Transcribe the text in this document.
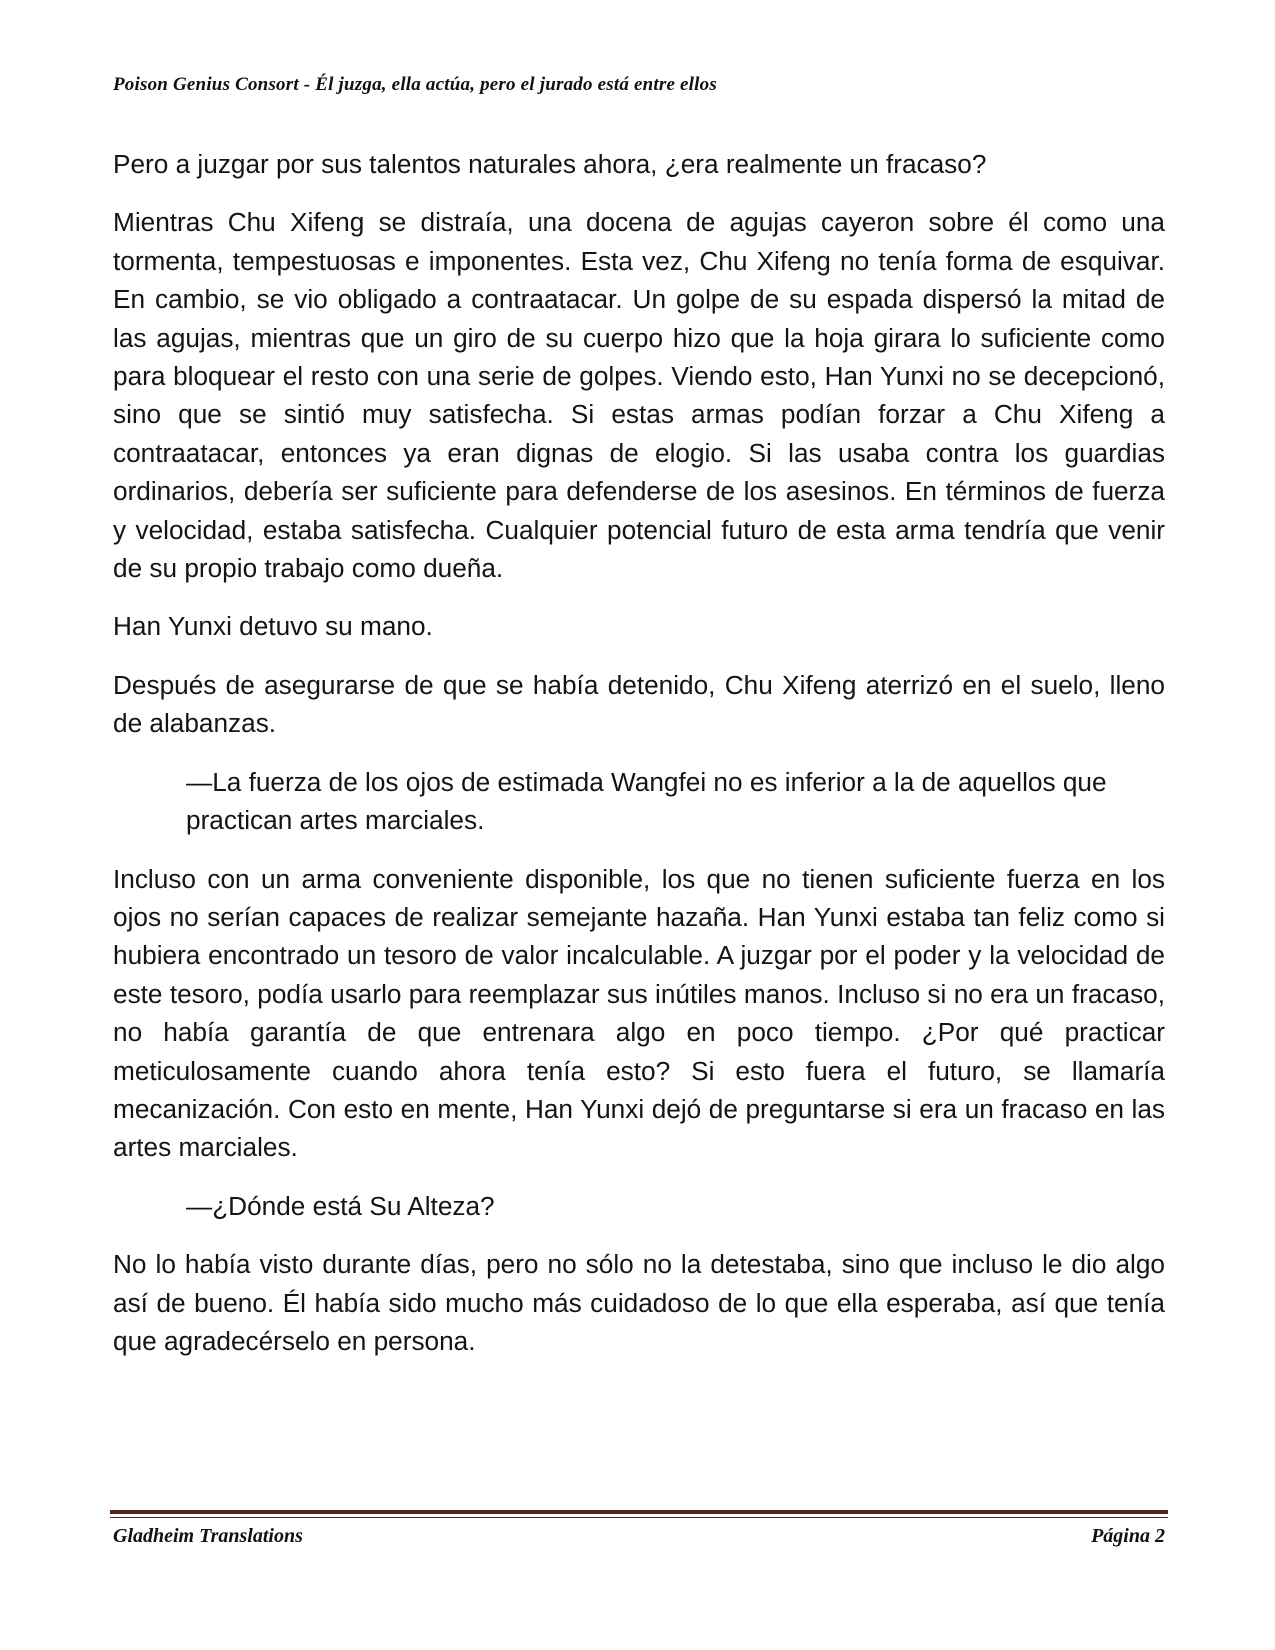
Poison Genius Consort - Él juzga, ella actúa, pero el jurado está entre ellos

Pero a juzgar por sus talentos naturales ahora, ¿era realmente un fracaso?

Mientras Chu Xifeng se distraía, una docena de agujas cayeron sobre él como una tormenta, tempestuosas e imponentes. Esta vez, Chu Xifeng no tenía forma de esquivar. En cambio, se vio obligado a contraatacar. Un golpe de su espada dispersó la mitad de las agujas, mientras que un giro de su cuerpo hizo que la hoja girara lo suficiente como para bloquear el resto con una serie de golpes. Viendo esto, Han Yunxi no se decepcionó, sino que se sintió muy satisfecha. Si estas armas podían forzar a Chu Xifeng a contraatacar, entonces ya eran dignas de elogio. Si las usaba contra los guardias ordinarios, debería ser suficiente para defenderse de los asesinos. En términos de fuerza y velocidad, estaba satisfecha. Cualquier potencial futuro de esta arma tendría que venir de su propio trabajo como dueña.

Han Yunxi detuvo su mano.

Después de asegurarse de que se había detenido, Chu Xifeng aterrizó en el suelo, lleno de alabanzas.

—La fuerza de los ojos de estimada Wangfei no es inferior a la de aquellos que practican artes marciales.

Incluso con un arma conveniente disponible, los que no tienen suficiente fuerza en los ojos no serían capaces de realizar semejante hazaña. Han Yunxi estaba tan feliz como si hubiera encontrado un tesoro de valor incalculable. A juzgar por el poder y la velocidad de este tesoro, podía usarlo para reemplazar sus inútiles manos. Incluso si no era un fracaso, no había garantía de que entrenara algo en poco tiempo. ¿Por qué practicar meticulosamente cuando ahora tenía esto? Si esto fuera el futuro, se llamaría mecanización. Con esto en mente, Han Yunxi dejó de preguntarse si era un fracaso en las artes marciales.

—¿Dónde está Su Alteza?

No lo había visto durante días, pero no sólo no la detestaba, sino que incluso le dio algo así de bueno. Él había sido mucho más cuidadoso de lo que ella esperaba, así que tenía que agradecérselo en persona.

Gladheim Translations	Página 2
